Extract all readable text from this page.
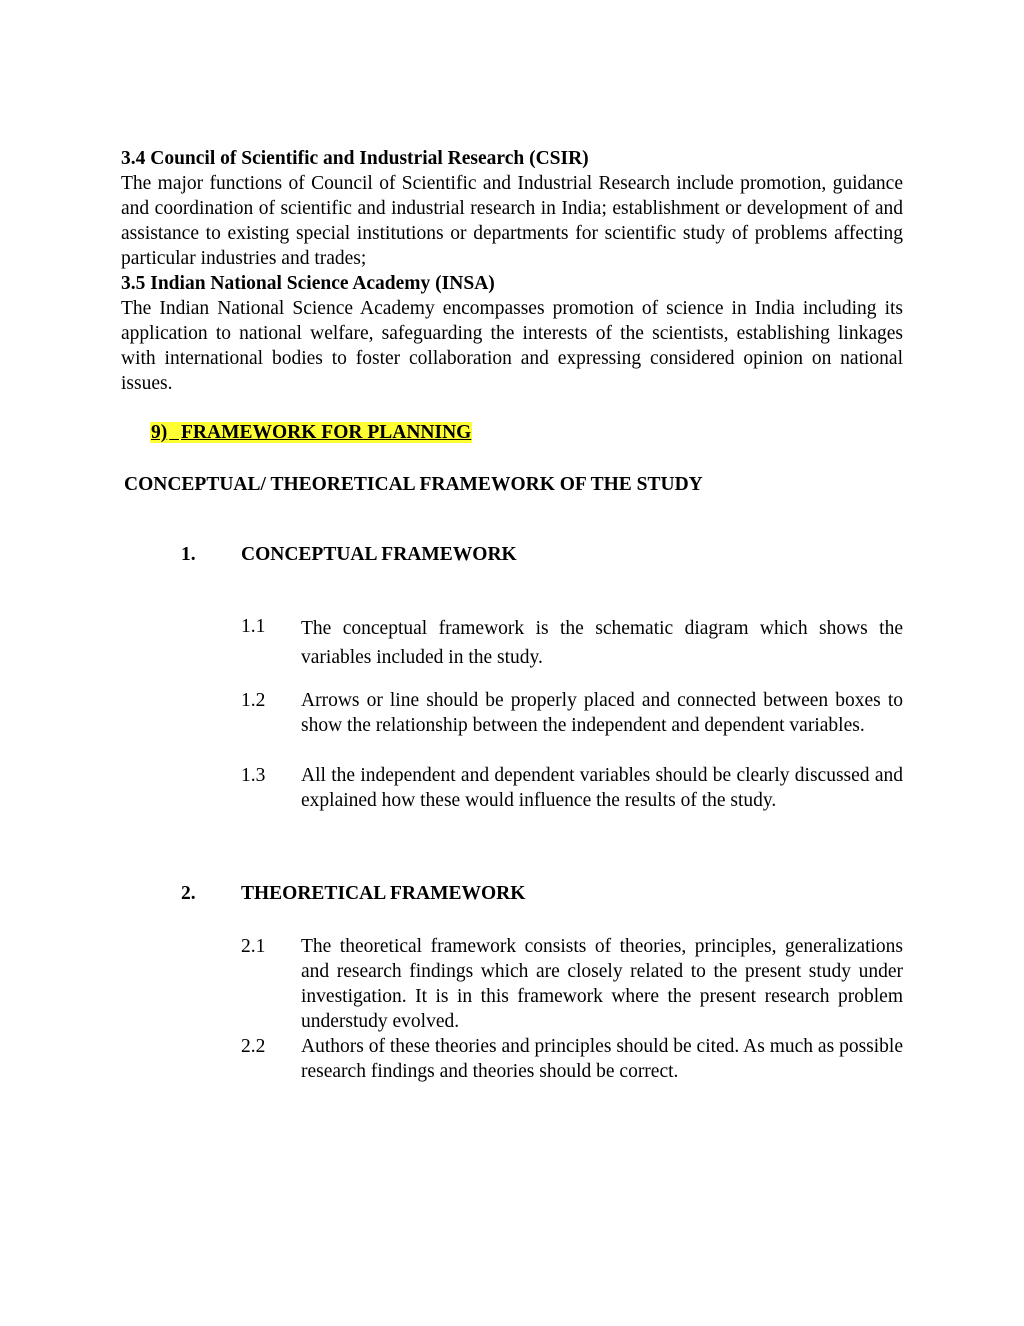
3.4 Council of Scientific and Industrial Research (CSIR)
The major functions of Council of Scientific and Industrial Research include promotion, guidance and coordination of scientific and industrial research in India; establishment or development of and assistance to existing special institutions or departments for scientific study of problems affecting particular industries and trades;
3.5 Indian National Science Academy (INSA)
The Indian National Science Academy encompasses promotion of science in India including its application to national welfare, safeguarding the interests of the scientists, establishing linkages with international bodies to foster collaboration and expressing considered opinion on national issues.
9) FRAMEWORK FOR PLANNING
CONCEPTUAL/ THEORETICAL FRAMEWORK OF THE STUDY
1. CONCEPTUAL FRAMEWORK
1.1 The conceptual framework is the schematic diagram which shows the variables included in the study.
1.2 Arrows or line should be properly placed and connected between boxes to show the relationship between the independent and dependent variables.
1.3 All the independent and dependent variables should be clearly discussed and explained how these would influence the results of the study.
2. THEORETICAL FRAMEWORK
2.1 The theoretical framework consists of theories, principles, generalizations and research findings which are closely related to the present study under investigation. It is in this framework where the present research problem understudy evolved.
2.2 Authors of these theories and principles should be cited. As much as possible research findings and theories should be correct.
